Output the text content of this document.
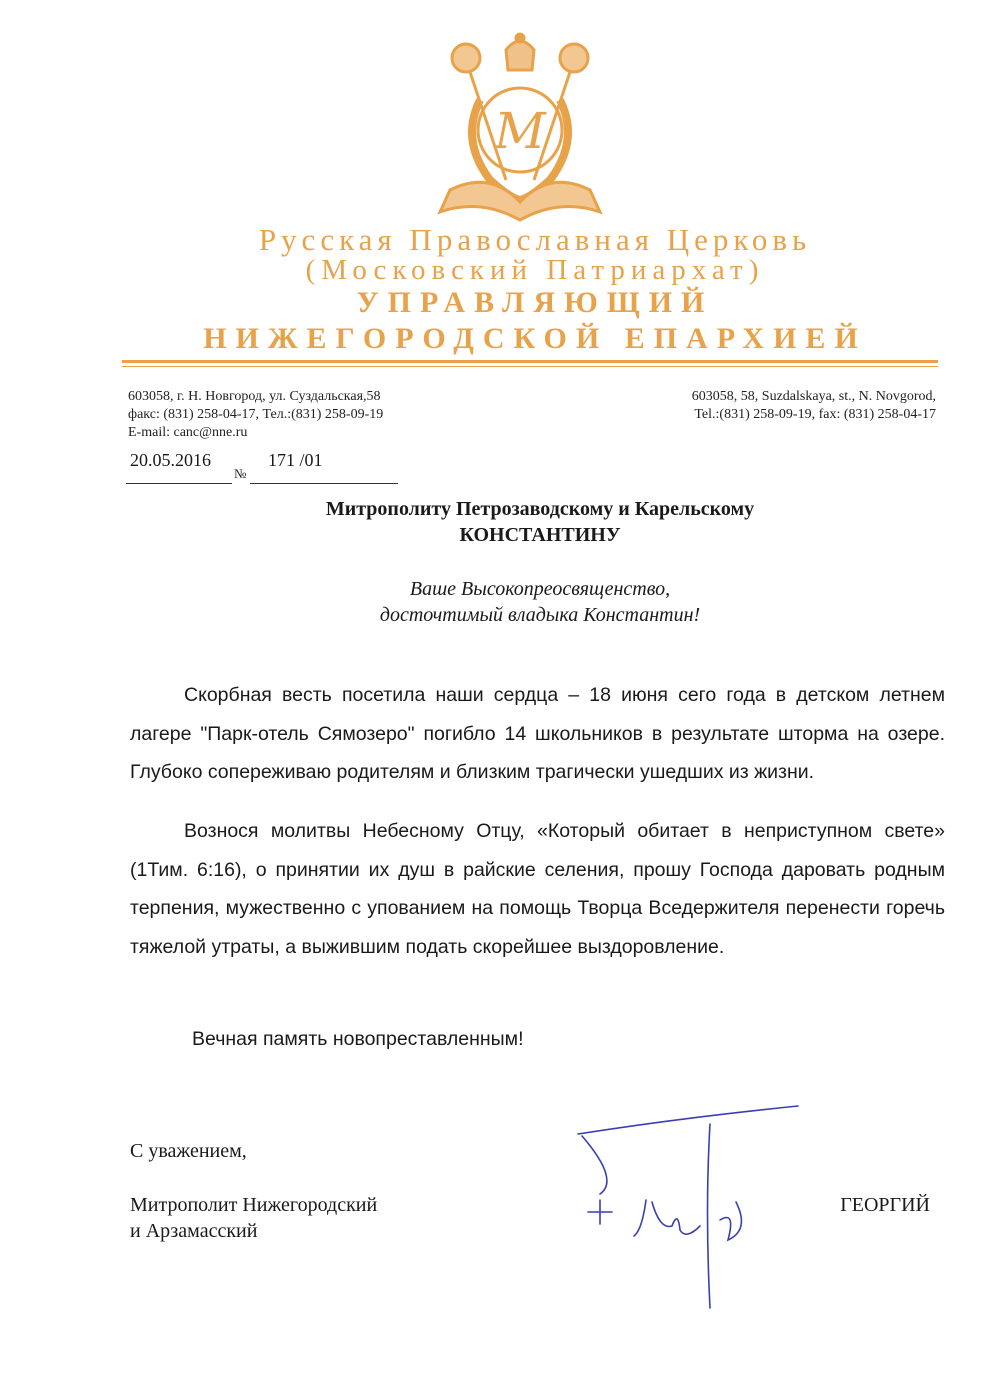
М
Русская Православная Церковь
(Московский Патриархат)
УПРАВЛЯЮЩИЙ
НИЖЕГОРОДСКОЙ ЕПАРХИЕЙ
603058, г. Н. Новгород, ул. Суздальская,58
факс: (831) 258-04-17, Тел.:(831) 258-09-19
E-mail: canc@nne.ru
603058, 58, Suzdalskaya, st., N. Novgorod,
Tel.:(831) 258-09-19, fax: (831) 258-04-17
20.05.2016
№
171 /01
Митрополиту Петрозаводскому и Карельскому
КОНСТАНТИНУ
Ваше Высокопреосвященство,
досточтимый владыка Константин!
Скорбная весть посетила наши сердца – 18 июня сего года в детском летнем лагере "Парк-отель Сямозеро" погибло 14 школьников в результате шторма на озере. Глубоко сопереживаю родителям и близким трагически ушедших из жизни.
Вознося молитвы Небесному Отцу, «Который обитает в неприступном свете» (1Тим. 6:16), о принятии их душ в райские селения, прошу Господа даровать родным терпения, мужественно с упованием на помощь Творца Вседержителя перенести горечь тяжелой утраты, а выжившим подать скорейшее выздоровление.
Вечная память новопреставленным!
С уважением,
Митрополит Нижегородский
и Арзамасский
ГЕОРГИЙ
